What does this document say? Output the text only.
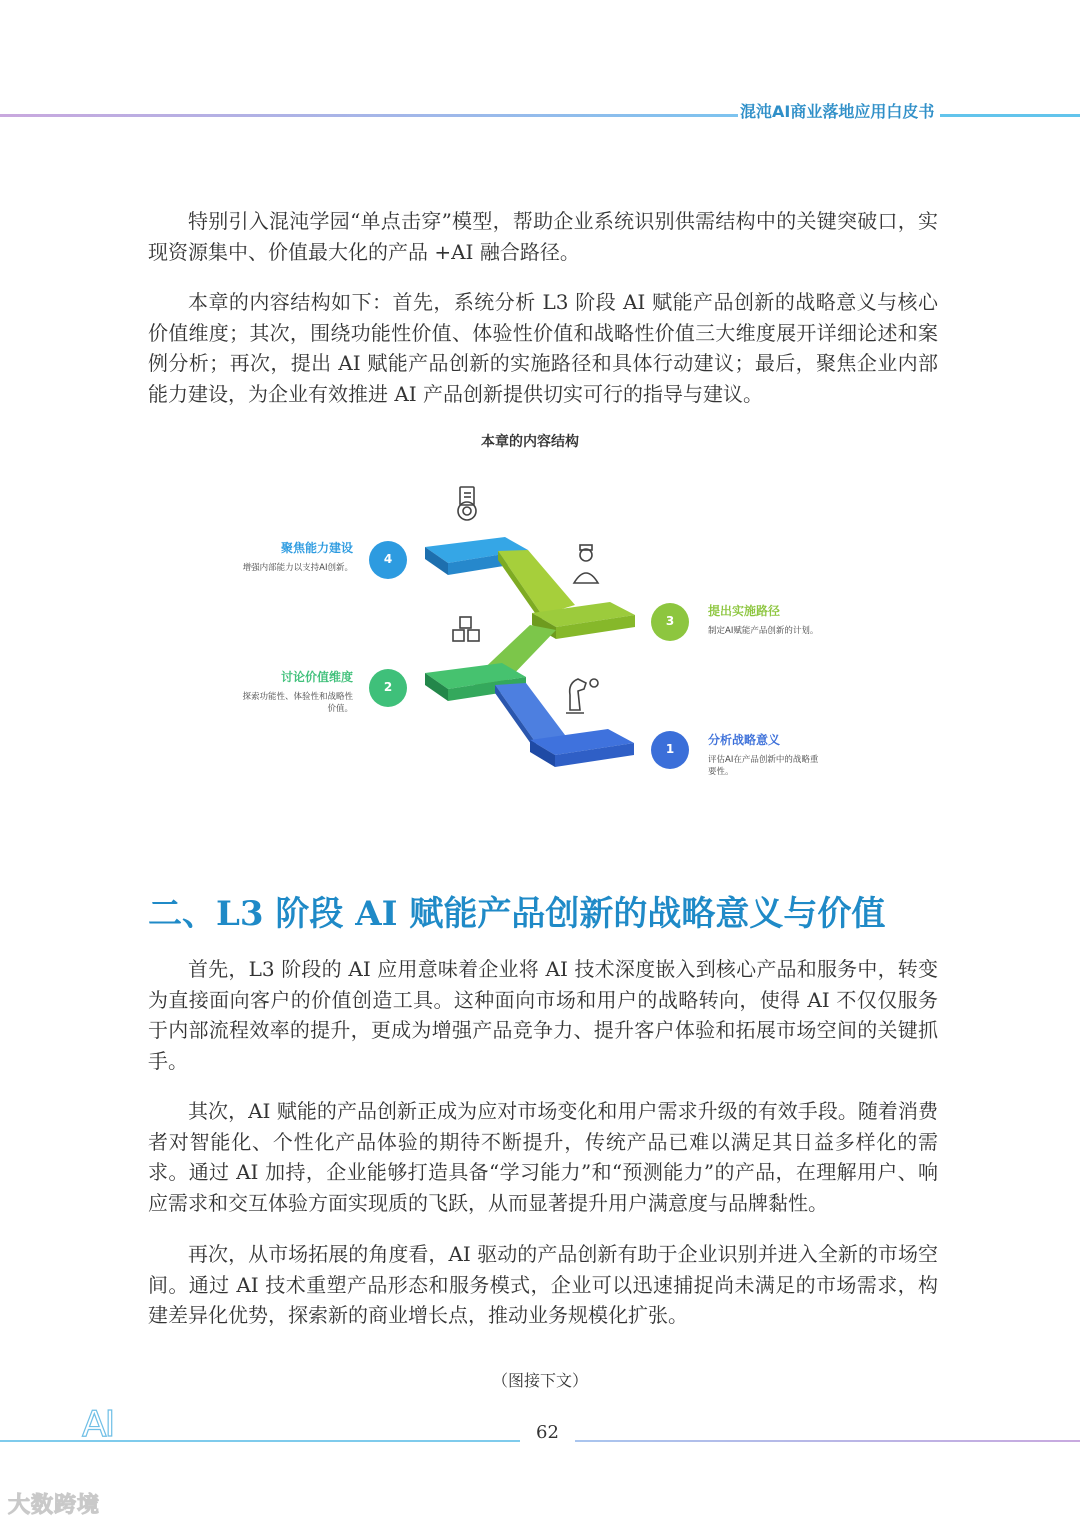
混沌AI商业落地应用白皮书

特别引入混沌学园“单点击穿”模型，帮助企业系统识别供需结构中的关键突破口，实现资源集中、价值最大化的产品 +AI 融合路径。

本章的内容结构如下：首先，系统分析 L3 阶段 AI 赋能产品创新的战略意义与核心价值维度；其次，围绕功能性价值、体验性价值和战略性价值三大维度展开详细论述和案例分析；再次，提出 AI 赋能产品创新的实施路径和具体行动建议；最后，聚焦企业内部能力建设，为企业有效推进 AI 产品创新提供切实可行的指导与建议。

本章的内容结构
4
3
2
1
聚焦能力建设
增强内部能力以支持AI创新。
提出实施路径
制定AI赋能产品创新的计划。
讨论价值维度
探索功能性、体验性和战略性价值。
分析战略意义
评估AI在产品创新中的战略重要性。
二、L3 阶段 AI 赋能产品创新的战略意义与价值

首先，L3 阶段的 AI 应用意味着企业将 AI 技术深度嵌入到核心产品和服务中，转变为直接面向客户的价值创造工具。这种面向市场和用户的战略转向，使得 AI 不仅仅服务于内部流程效率的提升，更成为增强产品竞争力、提升客户体验和拓展市场空间的关键抓手。

其次，AI 赋能的产品创新正成为应对市场变化和用户需求升级的有效手段。随着消费者对智能化、个性化产品体验的期待不断提升，传统产品已难以满足其日益多样化的需求。通过 AI 加持，企业能够打造具备“学习能力”和“预测能力”的产品，在理解用户、响应需求和交互体验方面实现质的飞跃，从而显著提升用户满意度与品牌黏性。

再次，从市场拓展的角度看，AI 驱动的产品创新有助于企业识别并进入全新的市场空间。通过 AI 技术重塑产品形态和服务模式，企业可以迅速捕捉尚未满足的市场需求，构建差异化优势，探索新的商业增长点，推动业务规模化扩张。

（图接下文）
AI	62
大数跨境
